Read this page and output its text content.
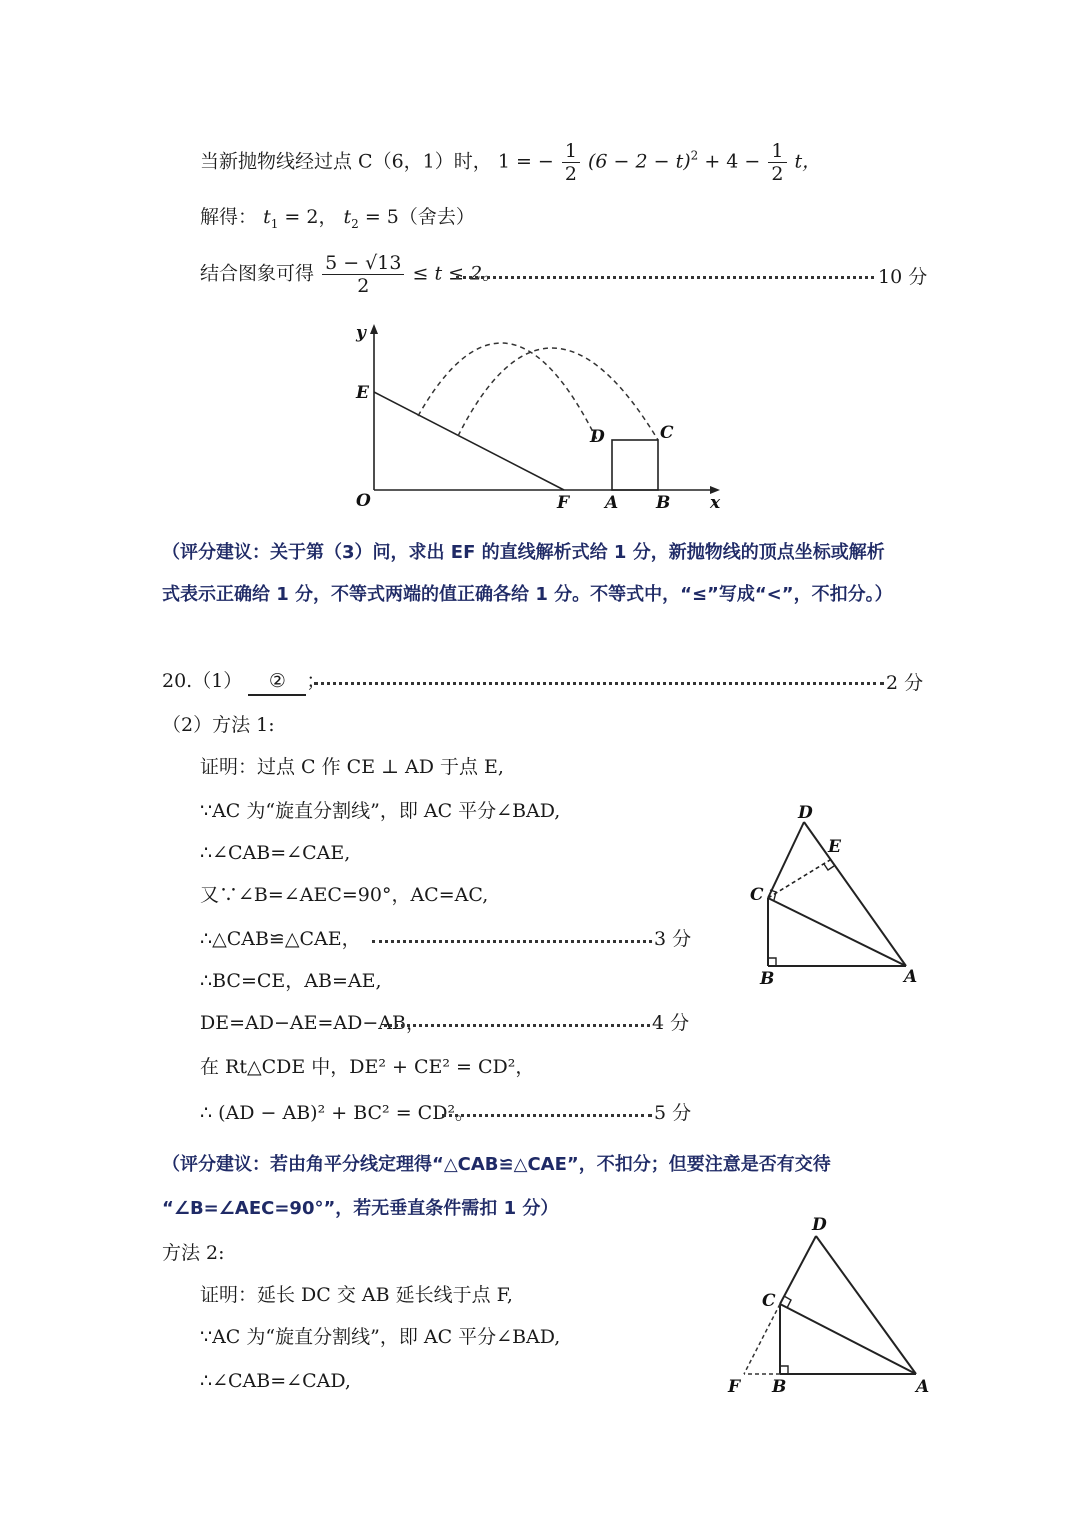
当新抛物线经过点 C（6，1）时， 1 = − $\frac{1}{2} (6 - 2 - t)^2 + 4 - \frac{1}{2}$ t，
解得： $t_1 = 2$， $t_2 = 5$（舍去）
结合图象可得 $\frac{5 - √13}{2} \le t \le 2$。	10 分
y
E
D	C
O	F A B x
（评分建议：关于第（3）问，求出 EF 的直线解析式给 1 分，新抛物线的顶点坐标或解析
式表示正确给 1 分，不等式两端的值正确各给 1 分。不等式中，“≤”写成“<”，不扣分。）
20.（1） ② ；	2 分
（2）方法 1:
证明：过点 C 作 CE ⊥ AD 于点 E,
∵AC 为“旋直分割线”，即 AC 平分∠BAD,
∴∠CAB=∠CAE,
又∵∠B=∠AEC=90°，AC=AC,
∴△CAB≌△CAE，	3 分
∴BC=CE，AB=AE,
DE=AD−AE=AD−AB，	4 分
在 Rt△CDE 中，DE² + CE² = CD²，
∴ (AD − AB)² + BC² = CD²。	5 分
D
E
C
B	A
（评分建议：若由角平分线定理得“△CAB≌△CAE”，不扣分；但要注意是否有交待
“∠B=∠AEC=90°”，若无垂直条件需扣 1 分）
方法 2:
证明：延长 DC 交 AB 延长线于点 F,
∵AC 为“旋直分割线”，即 AC 平分∠BAD,
∴∠CAB=∠CAD,
D
C
F B	A
